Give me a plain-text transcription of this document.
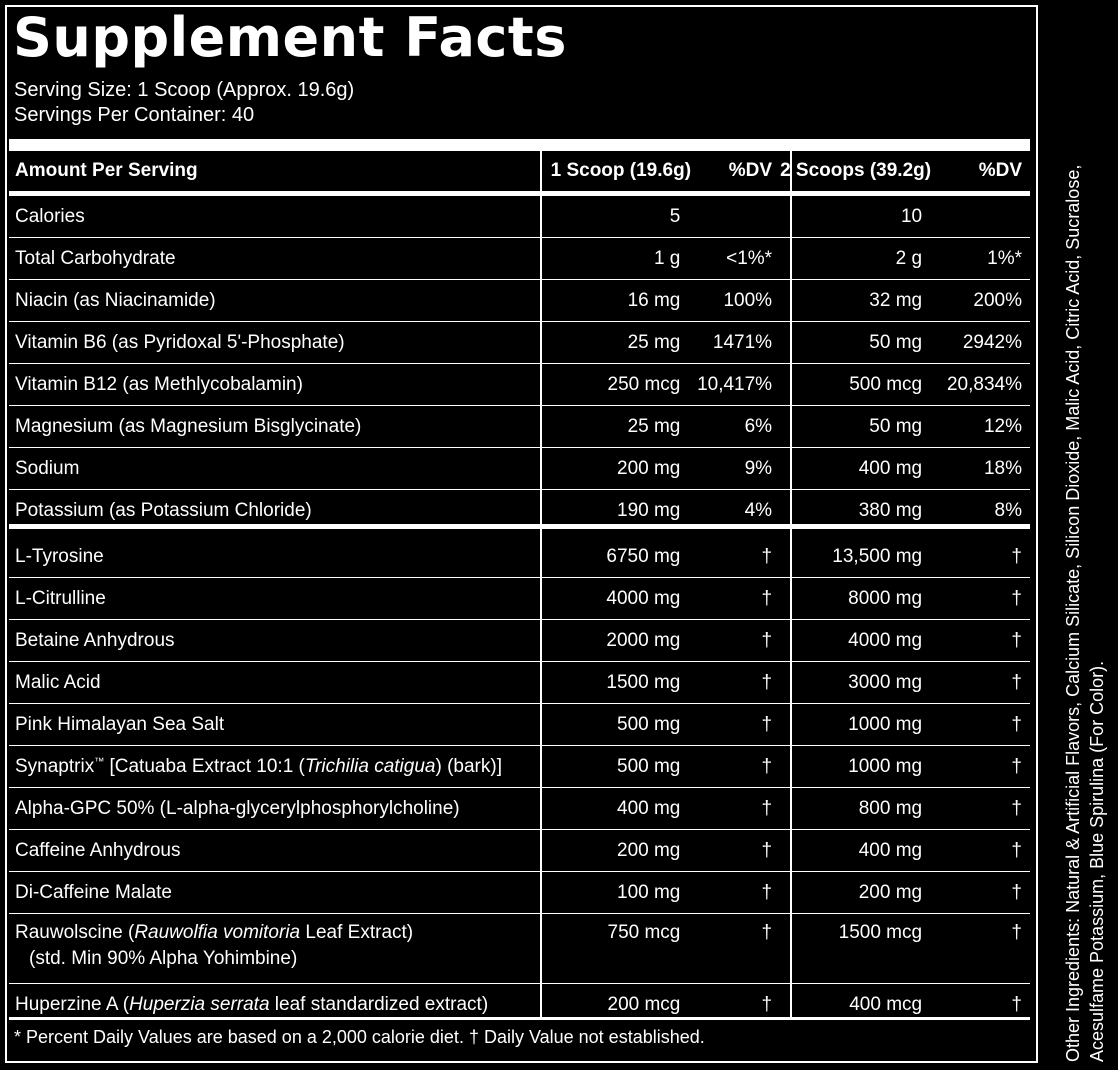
Supplement Facts
Serving Size: 1 Scoop (Approx. 19.6g)
Servings Per Container: 40
Amount Per Serving	1 Scoop (19.6g)	%DV	2 Scoops (39.2g)	%DV

Calories	5		10	
Total Carbohydrate	1 g	<1%*	2 g	1%*
Niacin (as Niacinamide)	16 mg	100%	32 mg	200%
Vitamin B6 (as Pyridoxal 5'-Phosphate)	25 mg	1471%	50 mg	2942%
Vitamin B12 (as Methlycobalamin)	250 mcg	10,417%	500 mcg	20,834%
Magnesium (as Magnesium Bisglycinate)	25 mg	6%	50 mg	12%
Sodium	200 mg	9%	400 mg	18%
Potassium (as Potassium Chloride)	190 mg	4%	380 mg	8%

L-Tyrosine	6750 mg	†	13,500 mg	†
L-Citrulline	4000 mg	†	8000 mg	†
Betaine Anhydrous	2000 mg	†	4000 mg	†
Malic Acid	1500 mg	†	3000 mg	†
Pink Himalayan Sea Salt	500 mg	†	1000 mg	†
Synaptrix™ [Catuaba Extract 10:1 (Trichilia catigua) (bark)]	500 mg	†	1000 mg	†
Alpha-GPC 50% (L-alpha-glycerylphosphorylcholine)	400 mg	†	800 mg	†
Caffeine Anhydrous	200 mg	†	400 mg	†
Di-Caffeine Malate	100 mg	†	200 mg	†
Rauwolscine (Rauwolfia vomitoria Leaf Extract)
(std. Min 90% Alpha Yohimbine)	750 mcg	†	1500 mcg	†
Huperzine A (Huperzia serrata leaf standardized extract)	200 mcg	†	400 mcg	†
* Percent Daily Values are based on a 2,000 calorie diet. † Daily Value not established.	Other Ingredients: Natural & Artificial Flavors, Calcium Silicate, Silicon Dioxide, Malic Acid, Citric Acid, Sucralose, Acesulfame Potassium, Blue Spirulina (For Color).
